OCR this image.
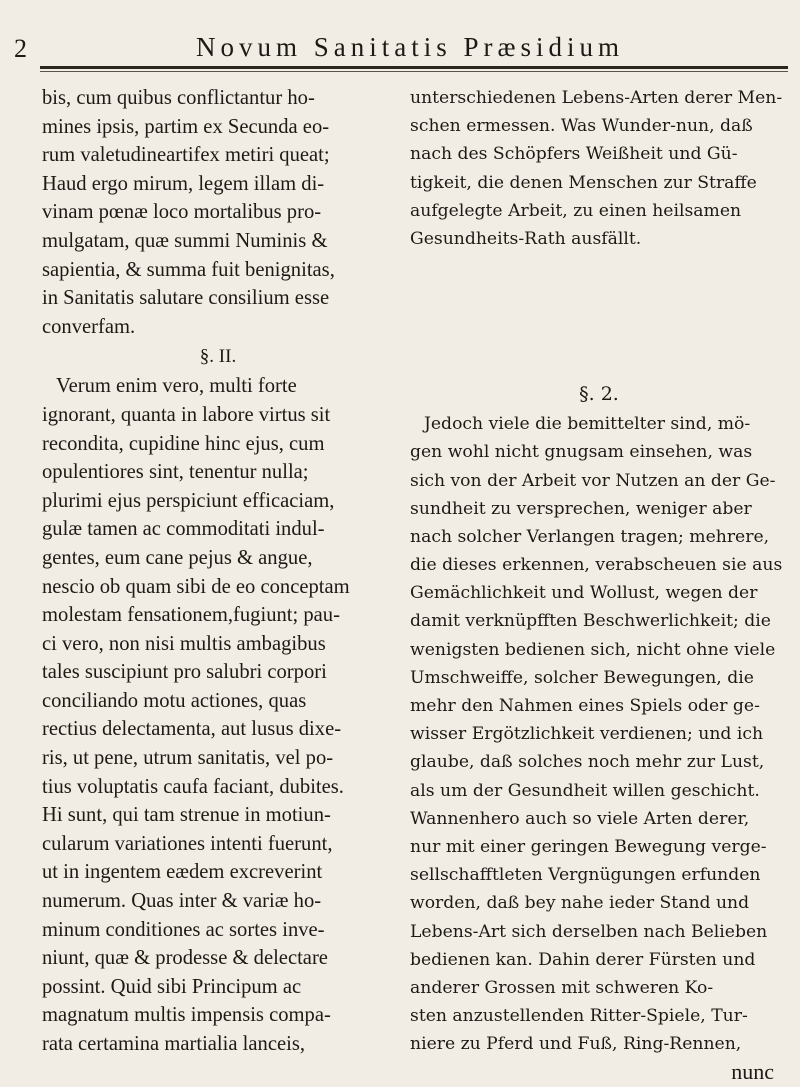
2	Novum Sanitatis Præsidium
bis, cum quibus conflictantur ho-
mines ipsis, partim ex Secunda eo-
rum valetudineartifex metiri queat;
Haud ergo mirum, legem illam di-
vinam pœnæ loco mortalibus pro-
mulgatam, quæ summi Numinis &
sapientia, & summa fuit benignitas,
in Sanitatis salutare consilium esse
converfam.
§. II.
Verum enim vero, multi forte
ignorant, quanta in labore virtus sit
recondita, cupidine hinc ejus, cum
opulentiores sint, tenentur nulla;
plurimi ejus perspiciunt efficaciam,
gulæ tamen ac commoditati indul-
gentes, eum cane pejus & angue,
nescio ob quam sibi de eo conceptam
molestam fensationem,fugiunt; pau-
ci vero, non nisi multis ambagibus
tales suscipiunt pro salubri corpori
conciliando motu actiones, quas
rectius delectamenta, aut lusus dixe-
ris, ut pene, utrum sanitatis, vel po-
tius voluptatis caufa faciant, dubites.
Hi sunt, qui tam strenue in motiun-
cularum variationes intenti fuerunt,
ut in ingentem eædem excreverint
numerum. Quas inter & variæ ho-
minum conditiones ac sortes inve-
niunt, quæ & prodesse & delectare
possint. Quid sibi Principum ac
magnatum multis impensis compa-
rata certamina martialia lanceis,
unterschiedenen Lebens-Arten derer Men-
schen ermessen. Was Wunder-nun, daß
nach des Schöpfers Weißheit und Gü-
tigkeit, die denen Menschen zur Straffe
aufgelegte Arbeit, zu einen heilsamen
Gesundheits-Rath ausfällt.
§. 2.
Jedoch viele die bemittelter sind, mö-
gen wohl nicht gnugsam einsehen, was
sich von der Arbeit vor Nutzen an der Ge-
sundheit zu versprechen, weniger aber
nach solcher Verlangen tragen; mehrere,
die dieses erkennen, verabscheuen sie aus
Gemächlichkeit und Wollust, wegen der
damit verknüpfften Beschwerlichkeit; die
wenigsten bedienen sich, nicht ohne viele
Umschweiffe, solcher Bewegungen, die
mehr den Nahmen eines Spiels oder ge-
wisser Ergötzlichkeit verdienen; und ich
glaube, daß solches noch mehr zur Lust,
als um der Gesundheit willen geschicht.
Wannenhero auch so viele Arten derer,
nur mit einer geringen Bewegung verge-
sellschafftleten Vergnügungen erfunden
worden, daß bey nahe ieder Stand und
Lebens-Art sich derselben nach Belieben
bedienen kan. Dahin derer Fürsten und
anderer Grossen mit schweren Ko-
sten anzustellenden Ritter-Spiele, Tur-
niere zu Pferd und Fuß, Ring-Rennen,
nunc
